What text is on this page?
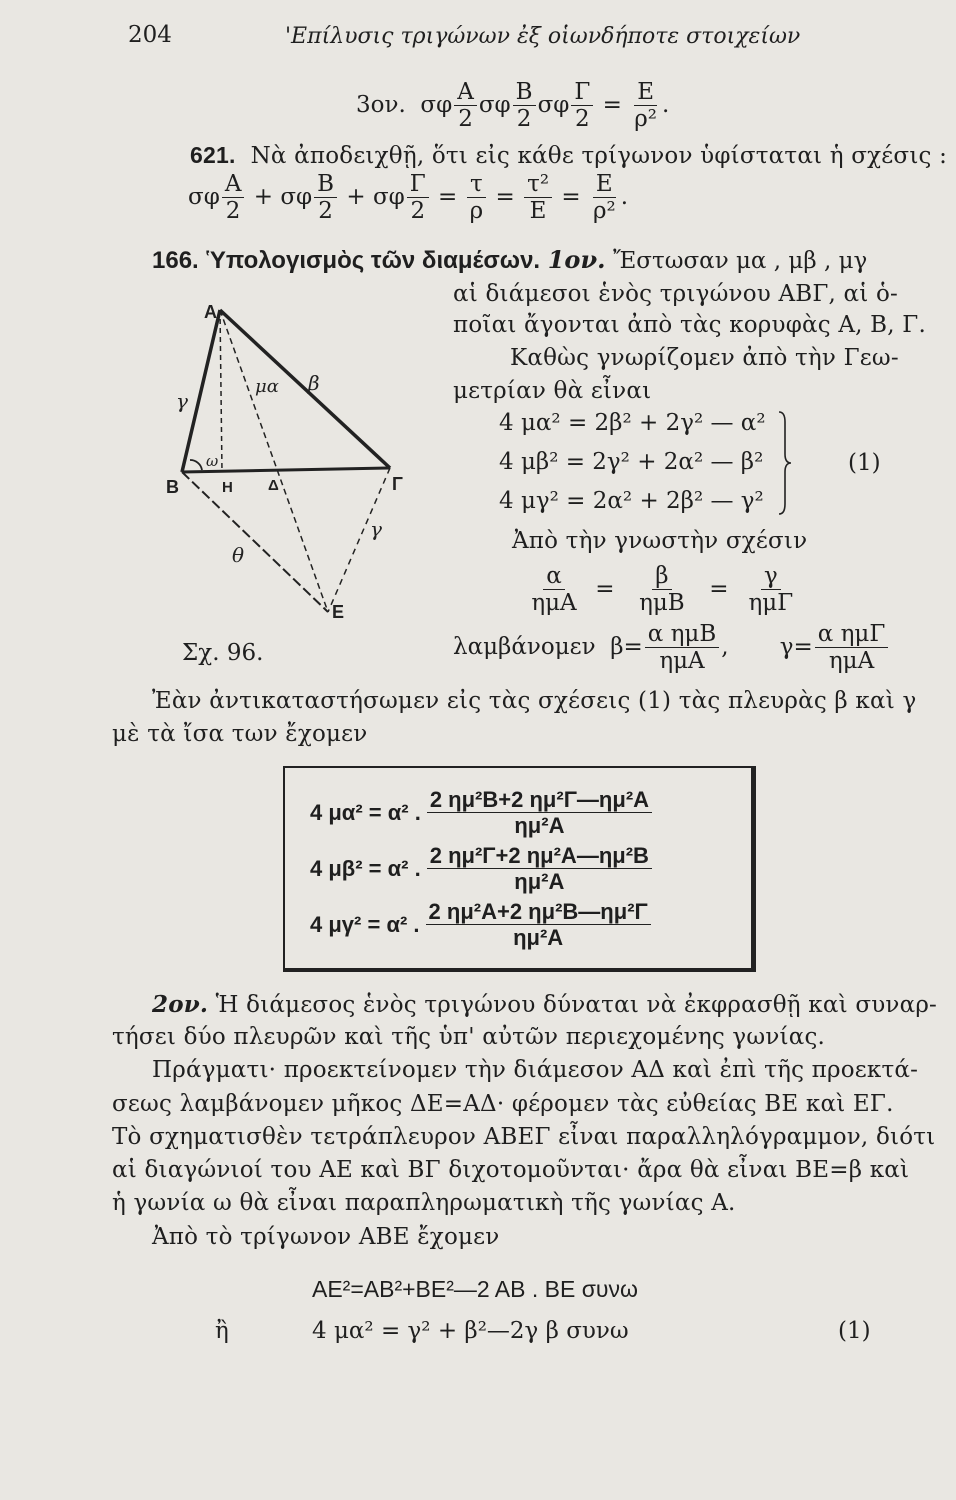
204	'Επίλυσις τριγώνων ἐξ οἱωνδήποτε στοιχείων
3ον.
σφ $\frac{A}{2}$ σφ $\frac{B}{2}$ σφ $\frac{\Gamma}{2} = \frac{E}{\text{ρ²}}$ .
621. Νὰ ἀποδειχθῇ, ὅτι εἰς κάθε τρίγωνον ὑφίσταται ἡ σχέσις :
σφ $\frac{A}{2}$
+
σφ $\frac{B}{2}$
+
σφ $\frac{\Gamma}{2} = \frac{\tau}{\rho} = \frac{\text{τ²}}{E} = \frac{E}{\text{ρ²}}$ .
166. Ὑπολογισμὸς τῶν διαμέσων. 1ον. Ἔστωσαν μα , μβ , μγ
αἱ διάμεσοι ἑνὸς τριγώνου ΑΒΓ, αἱ ὁ-
ποῖαι ἄγονται ἀπὸ τὰς κορυφὰς Α, Β, Γ.
Καθὼς γνωρίζομεν ἀπὸ τὴν Γεω-
μετρίαν θὰ εἶναι
Α
Β	Γ
Η Δ
Ε
γ
β
θ
γ
ω
μα
Σχ. 96.
4 μα² = 2β² + 2γ² — α²
4 μβ² = 2γ² + 2α² — β²
4 μγ² = 2α² + 2β² — γ²
(1)
Ἀπὸ τὴν γνωστὴν σχέσιν
$\frac{\alpha}{\text{ημΑ}} = \frac{\beta}{\text{ημΒ}} = \frac{\gamma}{\text{ημΓ}}$
λαμβάνομεν
$\beta= \frac{\text{α ημΒ}}{\text{ημΑ}}$ , $\gamma= \frac{\text{α ημΓ}}{\text{ημΑ}}$
Ἐὰν ἀντικαταστήσωμεν εἰς τὰς σχέσεις (1) τὰς πλευρὰς β καὶ γ
μὲ τὰ ἴσα των ἔχομεν
4 μα² = α² . $\frac{\text{2 ημ²Β+2 ημ²Γ—ημ²Α}}{\text{ημ²Α}}$
4 μβ² = α² . $\frac{\text{2 ημ²Γ+2 ημ²Α—ημ²Β}}{\text{ημ²Α}}$
4 μγ² = α² . $\frac{\text{2 ημ²Α+2 ημ²Β—ημ²Γ}}{\text{ημ²Α}}$
2ον. Ἡ διάμεσος ἑνὸς τριγώνου δύναται νὰ ἐκφρασθῇ καὶ συναρ-
τήσει δύο πλευρῶν καὶ τῆς ὑπ' αὐτῶν περιεχομένης γωνίας.
Πράγματι· προεκτείνομεν τὴν διάμεσον ΑΔ καὶ ἐπὶ τῆς προεκτά-
σεως λαμβάνομεν μῆκος ΔΕ=ΑΔ· φέρομεν τὰς εὐθείας ΒΕ καὶ ΕΓ.
Τὸ σχηματισθὲν τετράπλευρον ΑΒΕΓ εἶναι παραλληλόγραμμον, διότι
αἱ διαγώνιοί του ΑΕ καὶ ΒΓ διχοτομοῦνται· ἄρα θὰ εἶναι ΒΕ=β καὶ
ἡ γωνία ω θὰ εἶναι παραπληρωματικὴ τῆς γωνίας Α.
Ἀπὸ τὸ τρίγωνον ΑΒΕ ἔχομεν
AE²=AB²+BE²—2 AB . BE συνω
ἢ	4 μα² = γ² + β²—2γ β συνω	(1)
